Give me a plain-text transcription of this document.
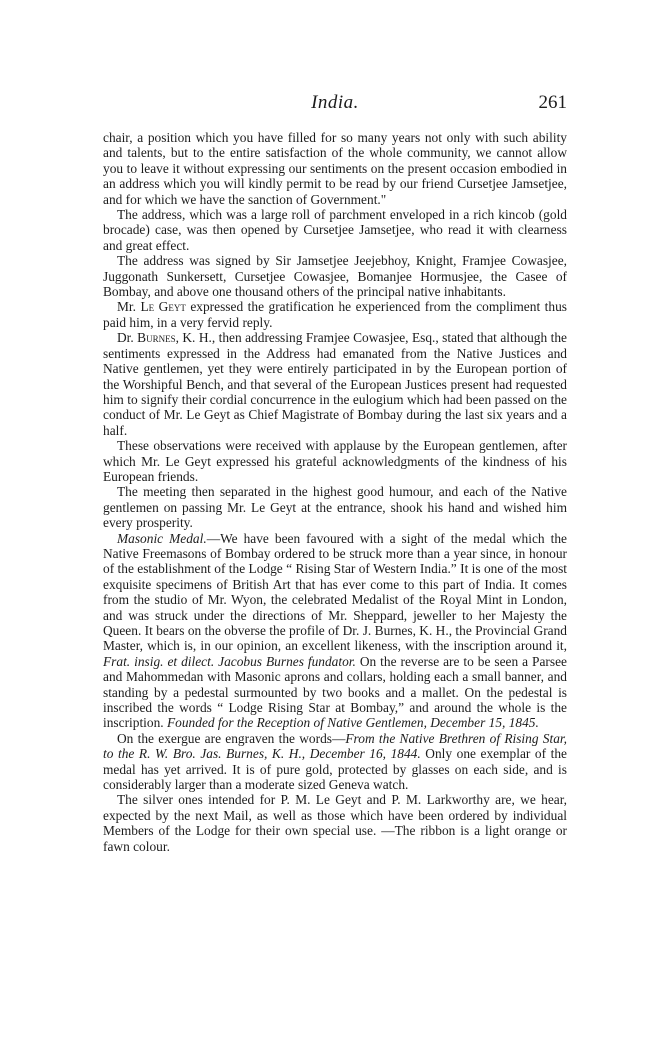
India.	261

chair, a position which you have filled for so many years not only with such ability and talents, but to the entire satisfaction of the whole community, we cannot allow you to leave it without expressing our sentiments on the present occasion embodied in an address which you will kindly permit to be read by our friend Cursetjee Jamsetjee, and for which we have the sanction of Government."

The address, which was a large roll of parchment enveloped in a rich kincob (gold brocade) case, was then opened by Cursetjee Jamsetjee, who read it with clearness and great effect.

The address was signed by Sir Jamsetjee Jeejebhoy, Knight, Framjee Cowasjee, Juggonath Sunkersett, Cursetjee Cowasjee, Bomanjee Hormusjee, the Casee of Bombay, and above one thousand others of the principal native inhabitants.

Mr. Le Geyt expressed the gratification he experienced from the compliment thus paid him, in a very fervid reply.

Dr. Burnes, K. H., then addressing Framjee Cowasjee, Esq., stated that although the sentiments expressed in the Address had emanated from the Native Justices and Native gentlemen, yet they were entirely participated in by the European portion of the Worshipful Bench, and that several of the European Justices present had requested him to signify their cordial concurrence in the eulogium which had been passed on the conduct of Mr. Le Geyt as Chief Magistrate of Bombay during the last six years and a half.

These observations were received with applause by the European gentlemen, after which Mr. Le Geyt expressed his grateful acknowledgments of the kindness of his European friends.

The meeting then separated in the highest good humour, and each of the Native gentlemen on passing Mr. Le Geyt at the entrance, shook his hand and wished him every prosperity.

Masonic Medal.—We have been favoured with a sight of the medal which the Native Freemasons of Bombay ordered to be struck more than a year since, in honour of the establishment of the Lodge “ Rising Star of Western India.” It is one of the most exquisite specimens of British Art that has ever come to this part of India. It comes from the studio of Mr. Wyon, the celebrated Medalist of the Royal Mint in London, and was struck under the directions of Mr. Sheppard, jeweller to her Majesty the Queen. It bears on the obverse the profile of Dr. J. Burnes, K. H., the Provincial Grand Master, which is, in our opinion, an excellent likeness, with the inscription around it, Frat. insig. et dilect. Jacobus Burnes fundator. On the reverse are to be seen a Parsee and Mahommedan with Masonic aprons and collars, holding each a small banner, and standing by a pedestal surmounted by two books and a mallet. On the pedestal is inscribed the words “ Lodge Rising Star at Bombay,” and around the whole is the inscription. Founded for the Reception of Native Gentlemen, December 15, 1845.

On the exergue are engraven the words—From the Native Brethren of Rising Star, to the R. W. Bro. Jas. Burnes, K. H., December 16, 1844. Only one exemplar of the medal has yet arrived. It is of pure gold, protected by glasses on each side, and is considerably larger than a moderate sized Geneva watch.

The silver ones intended for P. M. Le Geyt and P. M. Larkworthy are, we hear, expected by the next Mail, as well as those which have been ordered by individual Members of the Lodge for their own special use. —The ribbon is a light orange or fawn colour.
